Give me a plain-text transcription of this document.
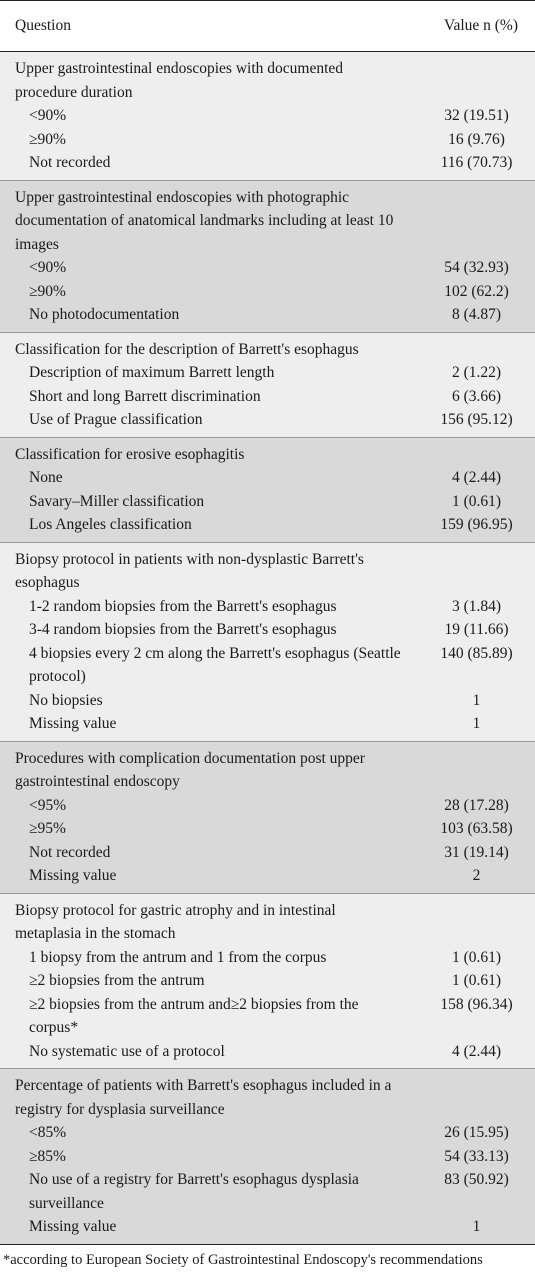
Question	Value n (%)
Upper gastrointestinal endoscopies with documented procedure duration	
<90%	32 (19.51)
≥90%	16 (9.76)
Not recorded	116 (70.73)
Upper gastrointestinal endoscopies with photographic documentation of anatomical landmarks including at least 10 images	
<90%	54 (32.93)
≥90%	102 (62.2)
No photodocumentation	8 (4.87)
Classification for the description of Barrett's esophagus	
Description of maximum Barrett length	2 (1.22)
Short and long Barrett discrimination	6 (3.66)
Use of Prague classification	156 (95.12)
Classification for erosive esophagitis	
None	4 (2.44)
Savary–Miller classification	1 (0.61)
Los Angeles classification	159 (96.95)
Biopsy protocol in patients with non-dysplastic Barrett's esophagus	
1-2 random biopsies from the Barrett's esophagus	3 (1.84)
3-4 random biopsies from the Barrett's esophagus	19 (11.66)
4 biopsies every 2 cm along the Barrett's esophagus (Seattle protocol)	140 (85.89)
No biopsies	1
Missing value	1
Procedures with complication documentation post upper gastrointestinal endoscopy	
<95%	28 (17.28)
≥95%	103 (63.58)
Not recorded	31 (19.14)
Missing value	2
Biopsy protocol for gastric atrophy and in intestinal metaplasia in the stomach	
1 biopsy from the antrum and 1 from the corpus	1 (0.61)
≥2 biopsies from the antrum	1 (0.61)
≥2 biopsies from the antrum and≥2 biopsies from the corpus*	158 (96.34)
No systematic use of a protocol	4 (2.44)
Percentage of patients with Barrett's esophagus included in a registry for dysplasia surveillance	
<85%	26 (15.95)
≥85%	54 (33.13)
No use of a registry for Barrett's esophagus dysplasia surveillance	83 (50.92)
Missing value	1
*according to European Society of Gastrointestinal Endoscopy's recommendations	
